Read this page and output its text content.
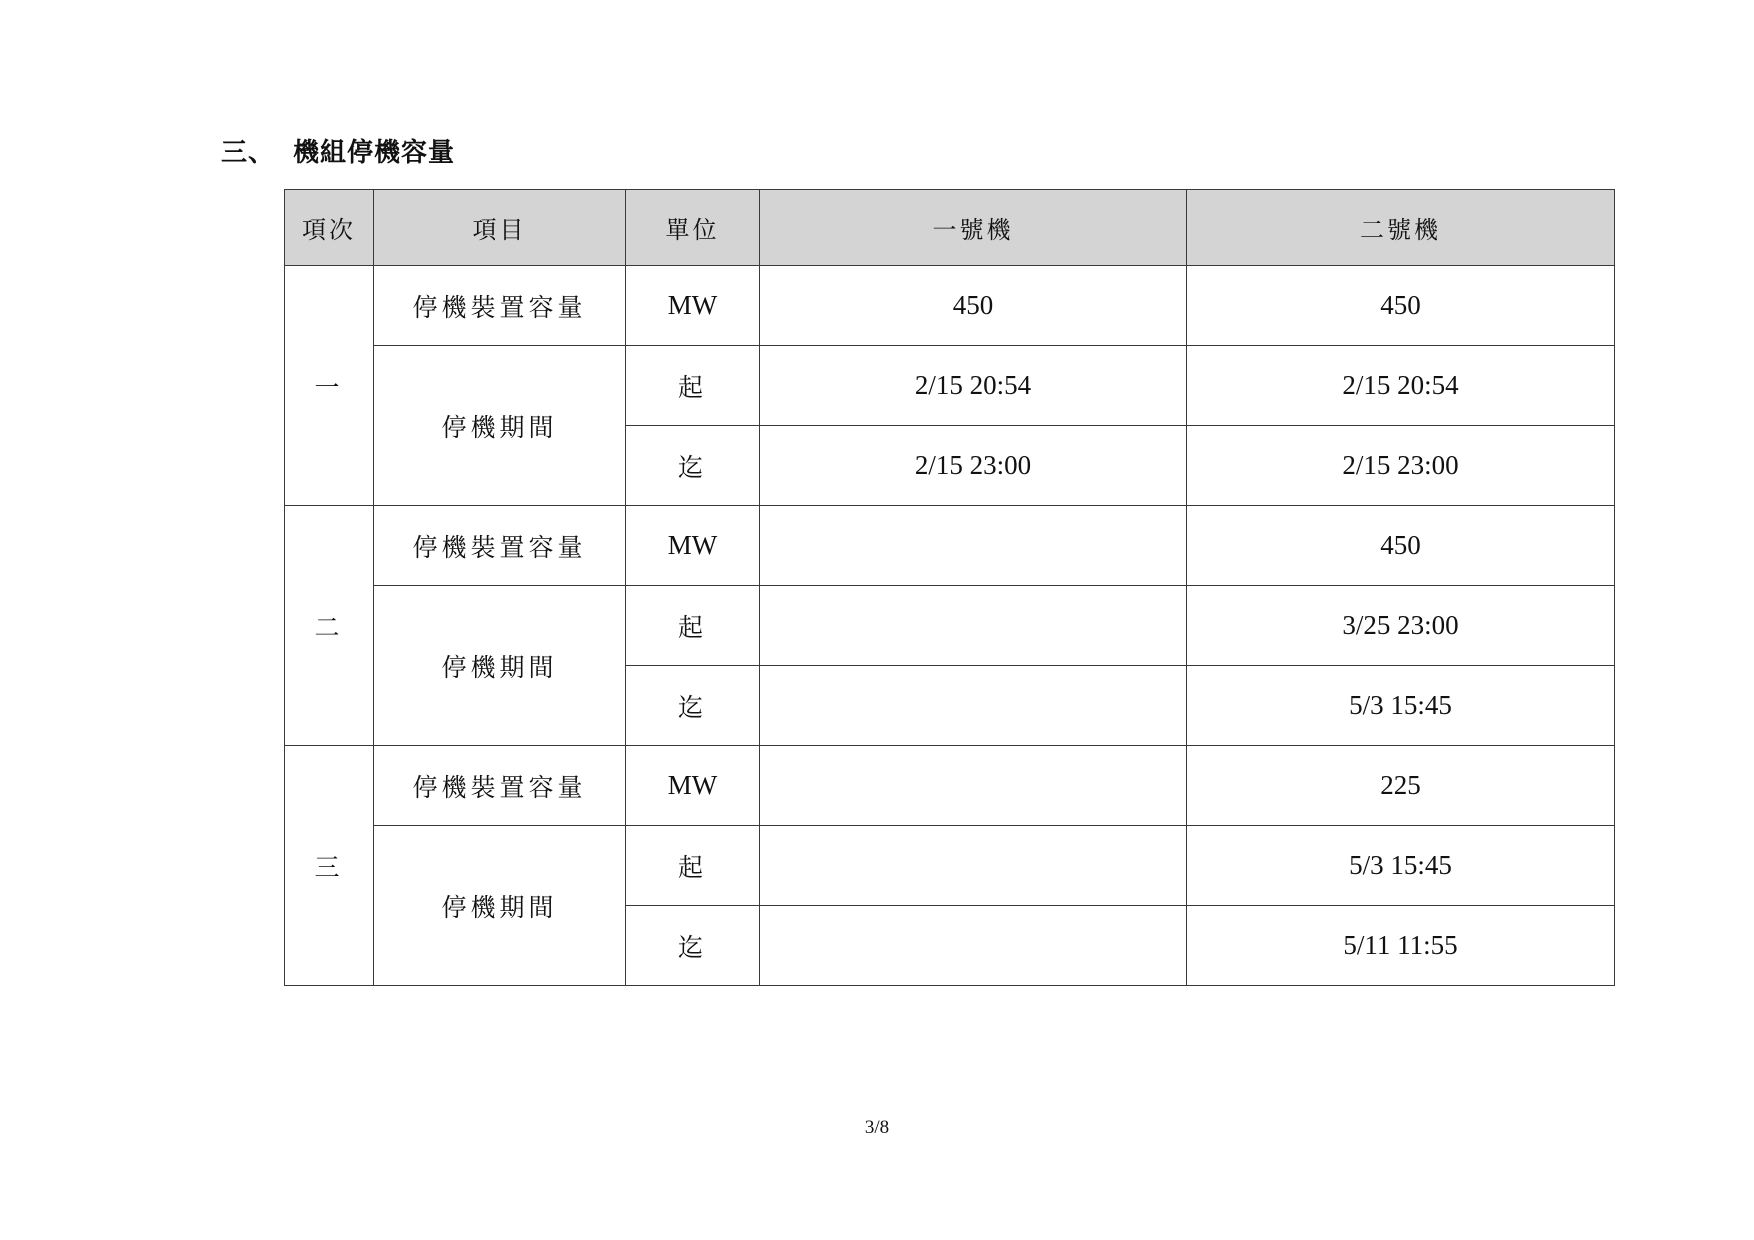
三、 機組停機容量
項次	項目	單位	一號機	二號機
一	停機裝置容量	MW	450	450
	停機期間	起	2/15 20:54	2/15 20:54
		迄	2/15 23:00	2/15 23:00
二	停機裝置容量	MW		450
	停機期間	起		3/25 23:00
		迄		5/3 15:45
三	停機裝置容量	MW		225
	停機期間	起		5/3 15:45
		迄		5/11 11:55
3/8
